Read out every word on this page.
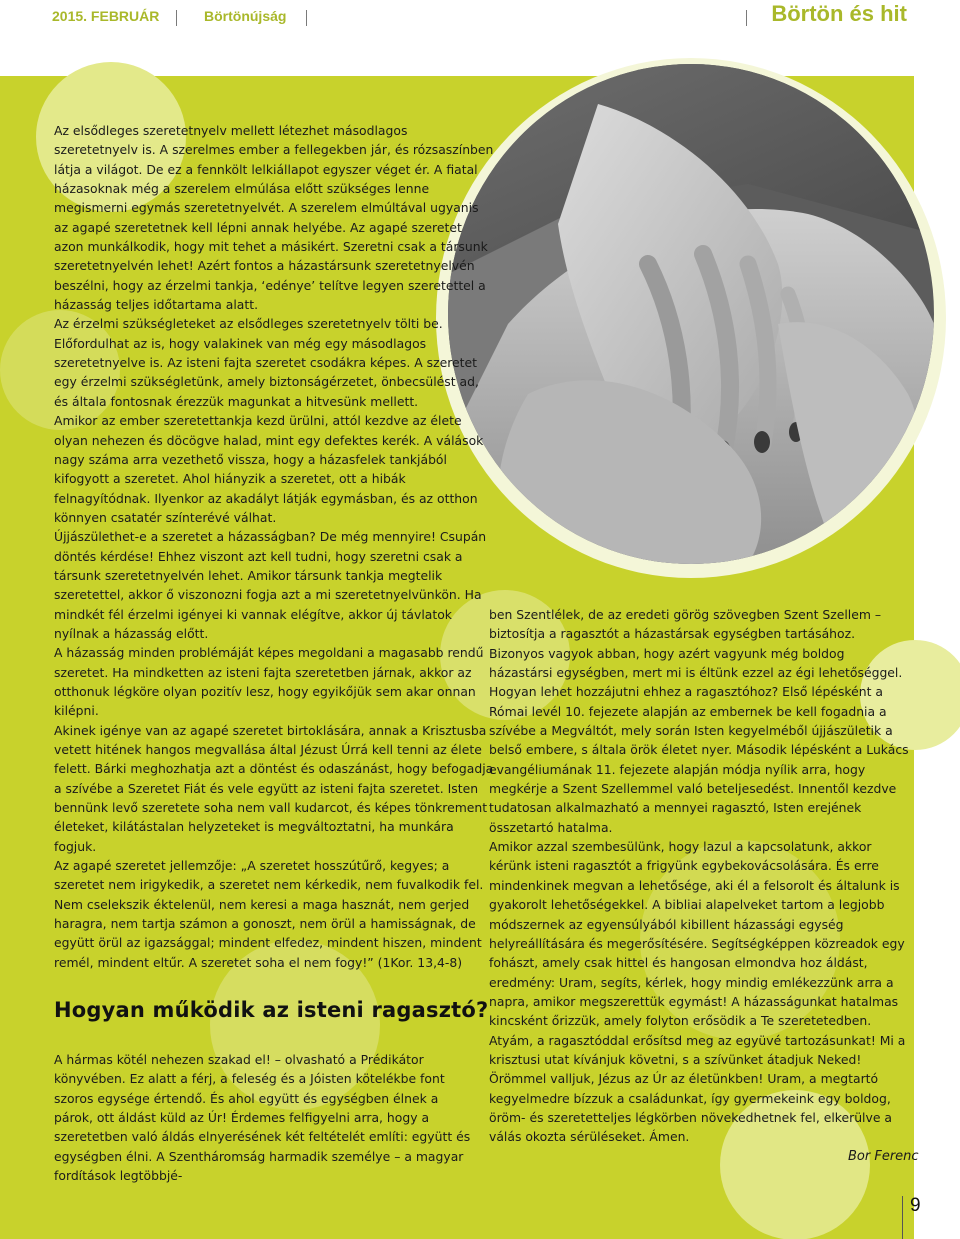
2015. FEBRUÁR	Börtönújság	Börtön és hit

Az elsődleges szeretetnyelv mellett létezhet másodlagos szeretetnyelv is. A szerelmes ember a fellegekben jár, és rózsaszínben látja a világot. De ez a fennkölt lelkiállapot egyszer véget ér. A fiatal házasoknak még a szerelem elmúlása előtt szükséges lenne megismerni egymás szeretetnyelvét. A szerelem elmúltával ugyanis az agapé szeretetnek kell lépni annak helyébe. Az agapé szeretet azon munkálkodik, hogy mit tehet a másikért. Szeretni csak a társunk szeretetnyelvén lehet! Azért fontos a házastársunk szeretetnyelvén beszélni, hogy az érzelmi tankja, ‘edénye’ telítve legyen szeretettel a házasság teljes időtartama alatt.

Az érzelmi szükségleteket az elsődleges szeretetnyelv tölti be. Előfordulhat az is, hogy valakinek van még egy másodlagos szeretetnyelve is. Az isteni fajta szeretet csodákra képes. A szeretet egy érzelmi szükségletünk, amely biztonságérzetet, önbecsülést ad, és általa fontosnak érezzük magunkat a hitvesünk mellett.

Amikor az ember szeretettankja kezd ürülni, attól kezdve az élete olyan nehezen és döcögve halad, mint egy defektes kerék. A válások nagy száma arra vezethető vissza, hogy a házasfelek tankjából kifogyott a szeretet. Ahol hiányzik a szeretet, ott a hibák felnagyítódnak. Ilyenkor az akadályt látják egymásban, és az otthon könnyen csatatér színterévé válhat.

Újjászülethet-e a szeretet a házasságban? De még mennyire! Csupán döntés kérdése! Ehhez viszont azt kell tudni, hogy szeretni csak a társunk szeretetnyelvén lehet. Amikor társunk tankja megtelik szeretettel, akkor ő viszonozni fogja azt a mi szeretetnyelvünkön. Ha mindkét fél érzelmi igényei ki vannak elégítve, akkor új távlatok nyílnak a házasság előtt.

A házasság minden problémáját képes megoldani a magasabb rendű szeretet. Ha mindketten az isteni fajta szeretetben járnak, akkor az otthonuk légköre olyan pozitív lesz, hogy egyikőjük sem akar onnan kilépni.

Akinek igénye van az agapé szeretet birtoklására, annak a Krisztusba vetett hitének hangos megvallása által Jézust Úrrá kell tenni az élete felett. Bárki meghozhatja azt a döntést és odaszánást, hogy befogadja a szívébe a Szeretet Fiát és vele együtt az isteni fajta szeretet. Isten bennünk levő szeretete soha nem vall kudarcot, és képes tönkrement életeket, kilátástalan helyzeteket is megváltoztatni, ha munkára fogjuk.

Az agapé szeretet jellemzője: „A szeretet hosszútűrő, kegyes; a szeretet nem irigykedik, a szeretet nem kérkedik, nem fuvalkodik fel. Nem cselekszik éktelenül, nem keresi a maga hasznát, nem gerjed haragra, nem tartja számon a gonoszt, nem örül a hamisságnak, de együtt örül az igazsággal; mindent elfedez, mindent hiszen, mindent remél, mindent eltűr. A szeretet soha el nem fogy!” (1Kor. 13,4-8)

Hogyan működik az isteni ragasztó?

A hármas kötél nehezen szakad el! – olvasható a Prédikátor könyvében. Ez alatt a férj, a feleség és a Jóisten kötelékbe font szoros egysége értendő. És ahol együtt és egységben élnek a párok, ott áldást küld az Úr! Érdemes felfigyelni arra, hogy a szeretetben való áldás elnyerésének két feltételét említi: együtt és egységben élni. A Szentháromság harmadik személye – a magyar fordítások legtöbbjé-

ben Szentlélek, de az eredeti görög szövegben Szent Szellem – biztosítja a ragasztót a házastársak egységben tartásához. Bizonyos vagyok abban, hogy azért vagyunk még boldog házastársi egységben, mert mi is éltünk ezzel az égi lehetőséggel.

Hogyan lehet hozzájutni ehhez a ragasztóhoz? Első lépésként a Római levél 10. fejezete alapján az embernek be kell fogadnia a szívébe a Megváltót, mely során Isten kegyelméből újjászületik a belső embere, s általa örök életet nyer. Második lépésként a Lukács evangéliumának 11. fejezete alapján módja nyílik arra, hogy megkérje a Szent Szellemmel való beteljesedést. Innentől kezdve tudatosan alkalmazható a mennyei ragasztó, Isten erejének összetartó hatalma.

Amikor azzal szembesülünk, hogy lazul a kapcsolatunk, akkor kérünk isteni ragasztót a frigyünk egybekovácsolására. És erre mindenkinek megvan a lehetősége, aki él a felsorolt és általunk is gyakorolt lehetőségekkel. A bibliai alapelveket tartom a legjobb módszernek az egyensúlyából kibillent házassági egység helyreállítására és megerősítésére. Segítségképpen közreadok egy fohászt, amely csak hittel és hangosan elmondva hoz áldást, eredmény: Uram, segíts, kérlek, hogy mindig emlékezzünk arra a napra, amikor megszerettük egymást! A házasságunkat hatalmas kincsként őrizzük, amely folyton erősödik a Te szeretetedben. Atyám, a ragasztóddal erősítsd meg az együvé tartozásunkat! Mi a krisztusi utat kívánjuk követni, s a szívünket átadjuk Neked! Örömmel valljuk, Jézus az Úr az életünkben! Uram, a megtartó kegyelmedre bízzuk a családunkat, így gyermekeink egy boldog, öröm- és szeretetteljes légkörben növekedhetnek fel, elkerülve a válás okozta sérüléseket. Ámen.

Bor Ferenc
9
